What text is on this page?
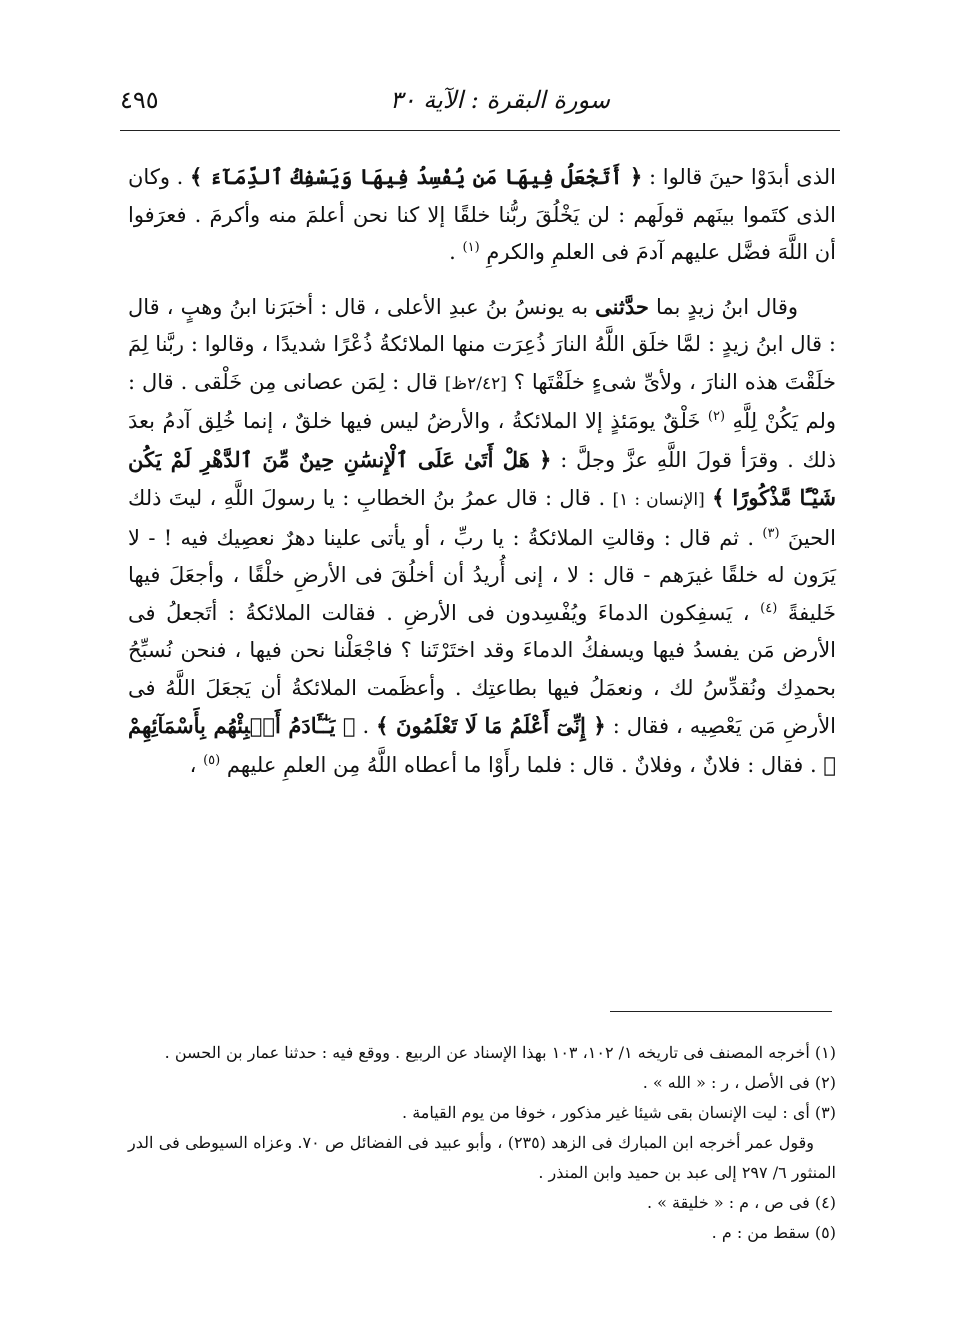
سورة البقرة : الآية ٣٠
٤٩٥

الذى أبدَوْا حينَ قالوا : ﴿ أَتَجْعَلُ فِيهَا مَن يُفْسِدُ فِيهَا وَيَسْفِكُ ٱلدِّمَآءَ ﴾ . وكان الذى كتَموا بينَهم قولَهم : لن يَخْلُقَ ربُّنا خلقًا إلا كنا نحن أعلمَ منه وأكرمَ . فعرَفوا أن اللَّهَ فضَّل عليهم آدمَ فى العلمِ والكرمِ $^{(١)}$ .

وقال ابنُ زيدٍ بما حدَّثنى به يونسُ بنُ عبدِ الأعلى ، قال : أخبَرَنا ابنُ وهبٍ ، قال : قال ابنُ زيدٍ : لمَّا خلَق اللَّهُ النارَ ذُعِرَت منها الملائكةُ ذُعْرًا شديدًا ، وقالوا : ربَّنا لِمَ خلَقْتَ هذه النارَ ، ولأىِّ شىءٍ خلَقْتَها ؟ [٢/٤٢ظ] قال : لِمَن عصانى مِن خَلْقى . قال : ولم يَكُنْ لِلَّهِ $^{(٢)}$ خَلْقٌ يومَئذٍ إلا الملائكةُ ، والأرضُ ليس فيها خلقٌ ، إنما خُلِق آدمُ بعدَ ذلك . وقرَأ قولَ اللَّهِ عزَّ وجلَّ : ﴿ هَلْ أَتَىٰ عَلَى ٱلْإِنسَٰنِ حِينٌ مِّنَ ٱلدَّهْرِ لَمْ يَكُن شَيْـًٔا مَّذْكُورًا ﴾ [الإنسان : ١] . قال : قال عمرُ بنُ الخطابِ : يا رسولَ اللَّهِ ، ليتَ ذلك الحينَ $^{(٣)}$ . ثم قال : وقالتِ الملائكةُ : يا ربِّ ، أو يأتى علينا دهرٌ نعصِيك فيه ! - لا يَرَون له خلقًا غيرَهم - قال : لا ، إنى أُريدُ أن أخلُقَ فى الأرضِ خلْقًا ، وأجعَلَ فيها خَليفةً $^{(٤)}$ ، يَسفِكون الدماءَ ويُفْسِدون فى الأرضِ . فقالت الملائكةُ : أتَجعلُ فى الأرض مَن يفسدُ فيها ويسفكُ الدماءَ وقد اختَرْتَنا ؟ فاجْعَلْنا نحن فيها ، فنحن نُسبِّحُ بحمدِك ونُقدِّسُ لك ، ونعمَلُ فيها بطاعتِك . وأعظَمت الملائكةُ أن يَجعَلَ اللَّهُ فى الأرضِ مَن يَعْصِيه ، فقال : ﴿ إِنِّىٓ أَعْلَمُ مَا لَا تَعْلَمُونَ ﴾ . ﴿ يَـٰٓـَٔادَمُ أَنۢبِئْهُم بِأَسْمَآئِهِمْ ﴾ . فقال : فلانٌ ، وفلانٌ . قال : فلما رأَوْا ما أعطاه اللَّهُ مِن العلمِ عليهم $^{(٥)}$ ،

(١) أخرجه المصنف فى تاريخه ١/ ١٠٢، ١٠٣ بهذا الإسناد عن الربيع . ووقع فيه : حدثنا عمار بن الحسن .
(٢) فى الأصل ، ر : « الله » .
(٣) أى : ليت الإنسان بقى شيئا غير مذكور ، خوفا من يوم القيامة .
وقول عمر أخرجه ابن المبارك فى الزهد (٢٣٥) ، وأبو عبيد فى الفضائل ص ٧٠. وعزاه السيوطى فى الدر المنثور ٦/ ٢٩٧ إلى عبد بن حميد وابن المنذر .
(٤) فى ص ، م : « خليقة » .
(٥) سقط من : م .
